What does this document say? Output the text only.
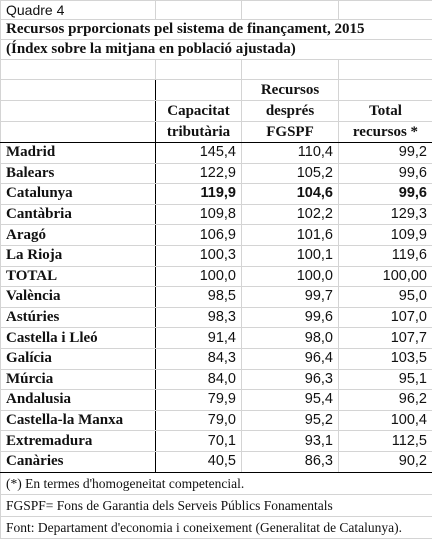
Quadre 4			
Recursos prporcionats pel sistema de finançament, 2015			
(Índex sobre la mitjana en població ajustada)			

		Recursos	
	Capacitat	després	Total
	tributària	FGSPF	recursos *
Madrid	145,4	110,4	99,2
Balears	122,9	105,2	99,6
Catalunya	119,9	104,6	99,6
Cantàbria	109,8	102,2	129,3
Aragó	106,9	101,6	109,9
La Rioja	100,3	100,1	119,6
TOTAL	100,0	100,0	100,00
València	98,5	99,7	95,0
Astúries	98,3	99,6	107,0
Castella i Lleó	91,4	98,0	107,7
Galícia	84,3	96,4	103,5
Múrcia	84,0	96,3	95,1
Andalusia	79,9	95,4	96,2
Castella-la Manxa	79,0	95,2	100,4
Extremadura	70,1	93,1	112,5
Canàries	40,5	86,3	90,2
(*) En termes d'homogeneitat competencial.			
FGSPF= Fons de Garantia dels Serveis Públics Fonamentals			
Font: Departament d'economia i coneixement (Generalitat de Catalunya).			
